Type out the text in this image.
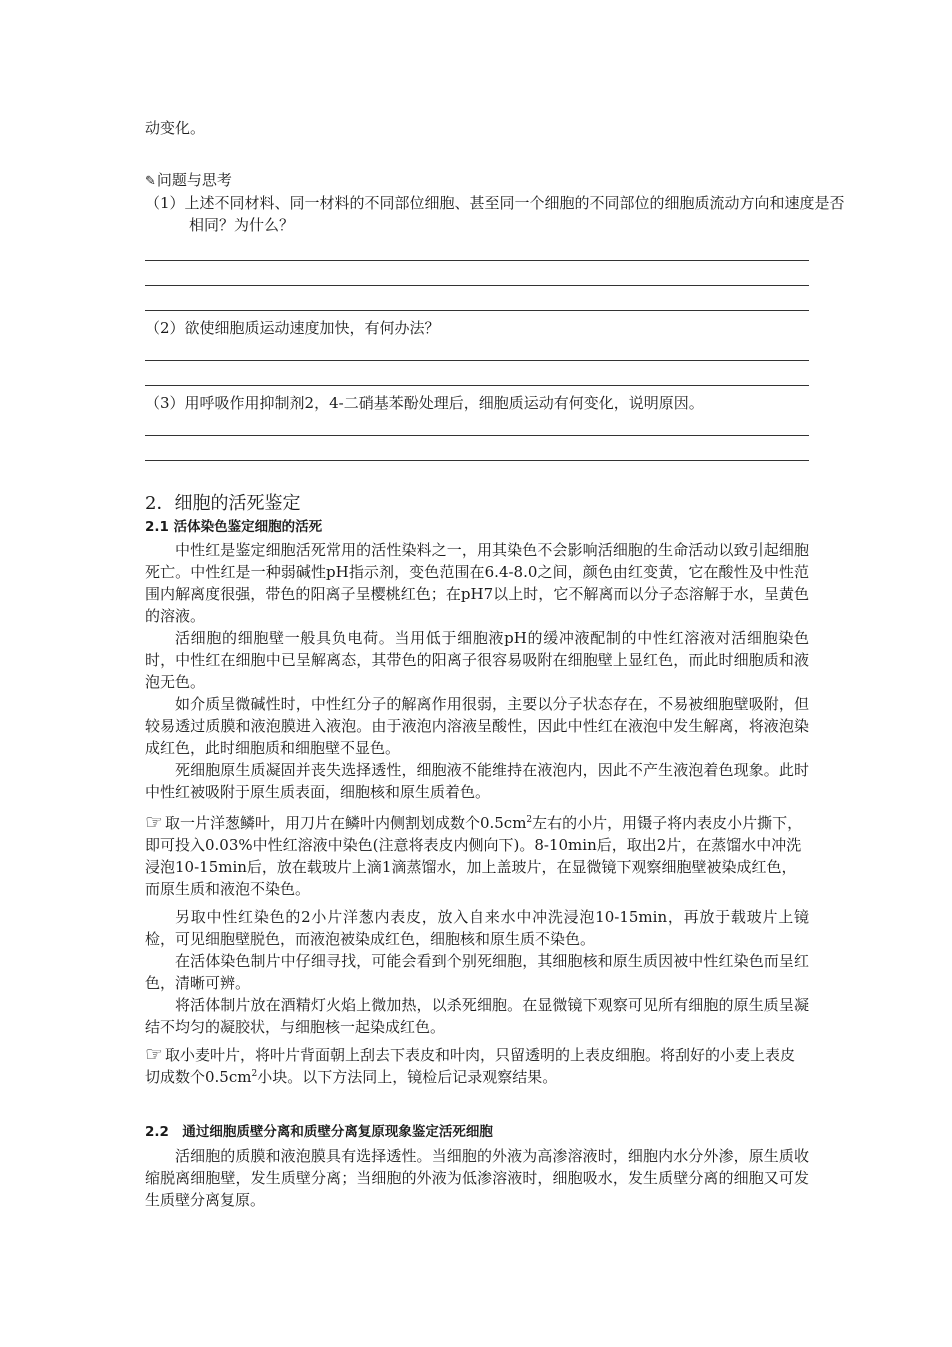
动变化。

✎问题与思考

（1）上述不同材料、同一材料的不同部位细胞、甚至同一个细胞的不同部位的细胞质流动方向和速度是否相同？为什么？

（2）欲使细胞质运动速度加快，有何办法？

（3）用呼吸作用抑制剂2，4-二硝基苯酚处理后，细胞质运动有何变化，说明原因。

2．细胞的活死鉴定

2.1 活体染色鉴定细胞的活死

中性红是鉴定细胞活死常用的活性染料之一，用其染色不会影响活细胞的生命活动以致引起细胞死亡。中性红是一种弱碱性pH指示剂，变色范围在6.4-8.0之间，颜色由红变黄，它在酸性及中性范围内解离度很强，带色的阳离子呈樱桃红色；在pH7以上时，它不解离而以分子态溶解于水，呈黄色的溶液。

活细胞的细胞壁一般具负电荷。当用低于细胞液pH的缓冲液配制的中性红溶液对活细胞染色时，中性红在细胞中已呈解离态，其带色的阳离子很容易吸附在细胞壁上显红色，而此时细胞质和液泡无色。

如介质呈微碱性时，中性红分子的解离作用很弱，主要以分子状态存在，不易被细胞壁吸附，但较易透过质膜和液泡膜进入液泡。由于液泡内溶液呈酸性，因此中性红在液泡中发生解离，将液泡染成红色，此时细胞质和细胞壁不显色。

死细胞原生质凝固并丧失选择透性，细胞液不能维持在液泡内，因此不产生液泡着色现象。此时中性红被吸附于原生质表面，细胞核和原生质着色。

☞ 取一片洋葱鳞叶，用刀片在鳞叶内侧割划成数个$0.5cm^2$左右的小片，用镊子将内表皮小片撕下，即可投入0.03%中性红溶液中染色(注意将表皮内侧向下)。8-10min后，取出2片，在蒸馏水中冲洗浸泡10-15min后，放在载玻片上滴1滴蒸馏水，加上盖玻片，在显微镜下观察细胞壁被染成红色，而原生质和液泡不染色。

另取中性红染色的2小片洋葱内表皮，放入自来水中冲洗浸泡10-15min，再放于载玻片上镜检，可见细胞壁脱色，而液泡被染成红色，细胞核和原生质不染色。

在活体染色制片中仔细寻找，可能会看到个别死细胞，其细胞核和原生质因被中性红染色而呈红色，清晰可辨。

将活体制片放在酒精灯火焰上微加热，以杀死细胞。在显微镜下观察可见所有细胞的原生质呈凝结不均匀的凝胶状，与细胞核一起染成红色。

☞ 取小麦叶片，将叶片背面朝上刮去下表皮和叶肉，只留透明的上表皮细胞。将刮好的小麦上表皮切成数个$0.5cm^2$小块。以下方法同上，镜检后记录观察结果。

2.2　通过细胞质壁分离和质壁分离复原现象鉴定活死细胞

活细胞的质膜和液泡膜具有选择透性。当细胞的外液为高渗溶液时，细胞内水分外渗，原生质收缩脱离细胞壁，发生质壁分离；当细胞的外液为低渗溶液时，细胞吸水，发生质壁分离的细胞又可发生质壁分离复原。
